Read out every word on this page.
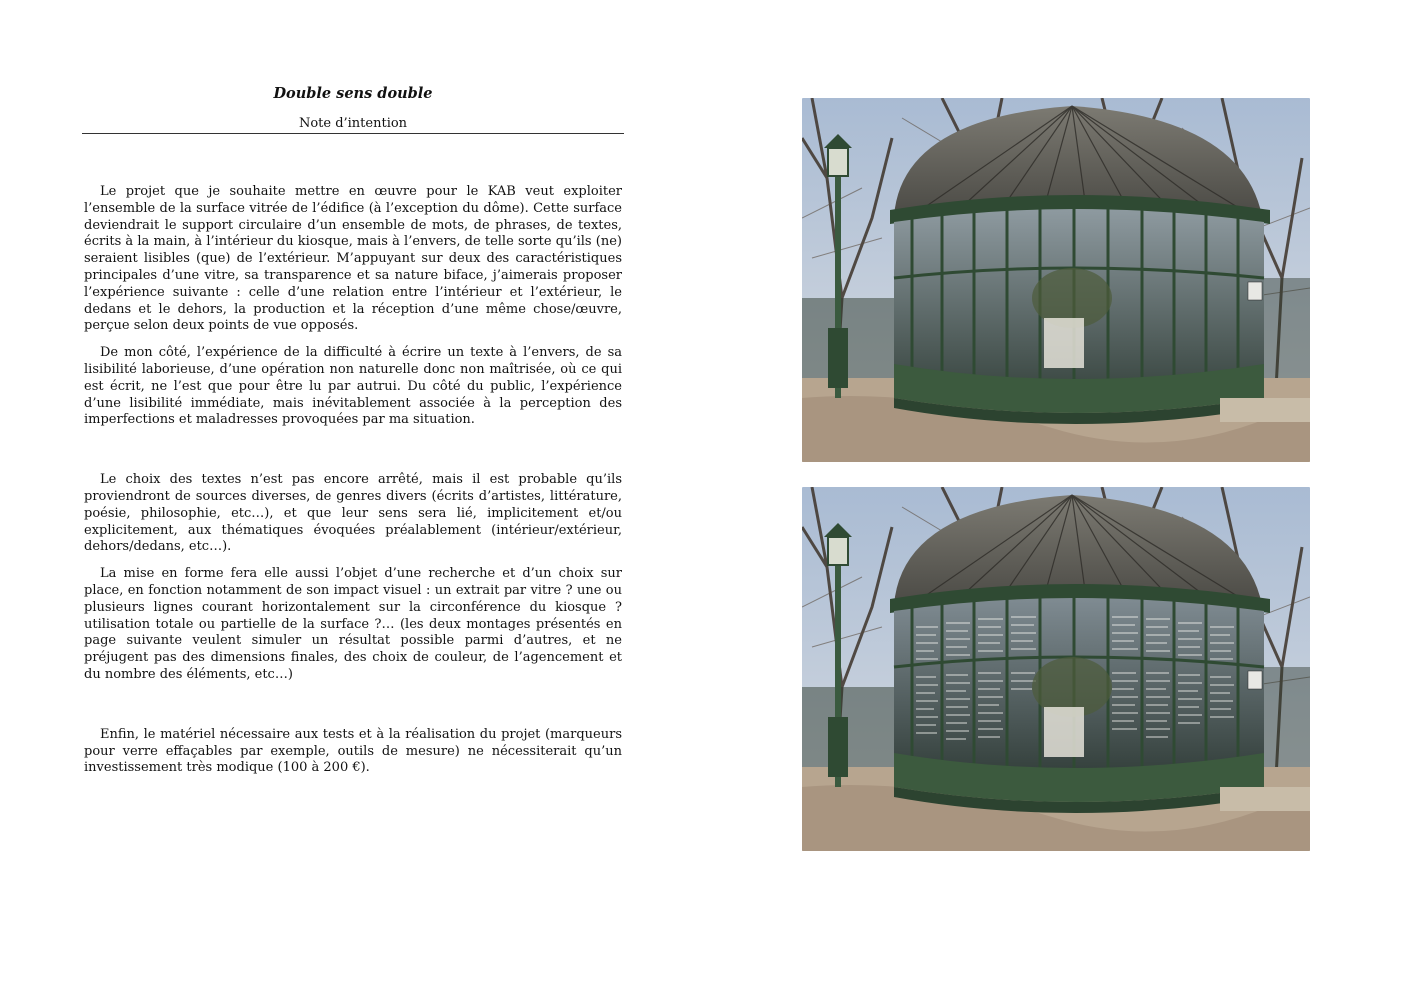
Double sens double
Note d’intention

Le projet que je souhaite mettre en œuvre pour le KAB veut exploiter l’ensemble de la surface vitrée de l’édifice (à l’exception du dôme). Cette surface deviendrait le support circulaire d’un ensemble de mots, de phrases, de textes, écrits à la main, à l’intérieur du kiosque, mais à l’envers, de telle sorte qu’ils (ne) seraient lisibles (que) de l’extérieur. M’appuyant sur deux des caractéristiques principales d’une vitre, sa transparence et sa nature biface, j’aimerais proposer l’expérience suivante : celle d’une relation entre l’intérieur et l’extérieur, le dedans et le dehors, la production et la réception d’une même chose/œuvre, perçue selon deux points de vue opposés.

De mon côté, l’expérience de la difficulté à écrire un texte à l’envers, de sa lisibilité laborieuse, d’une opération non naturelle donc non maîtrisée, où ce qui est écrit, ne l’est que pour être lu par autrui. Du côté du public, l’expérience d’une lisibilité immédiate, mais inévitablement associée à la perception des imperfections et maladresses provoquées par ma situation.

Le choix des textes n’est pas encore arrêté, mais il est probable qu’ils proviendront de sources diverses, de genres divers (écrits d’artistes, littérature, poésie, philosophie, etc…), et que leur sens sera lié, implicitement et/ou explicitement, aux thématiques évoquées préalablement (intérieur/extérieur, dehors/dedans, etc…).

La mise en forme fera elle aussi l’objet d’une recherche et d’un choix sur place, en fonction notamment de son impact visuel : un extrait par vitre ? une ou plusieurs lignes courant horizontalement sur la circonférence du kiosque ? utilisation totale ou partielle de la surface ?… (les deux montages présentés en page suivante veulent simuler un résultat possible parmi d’autres, et ne préjugent pas des dimensions finales, des choix de couleur, de l’agencement et du nombre des éléments, etc…)

Enfin, le matériel nécessaire aux tests et à la réalisation du projet (marqueurs pour verre effaçables par exemple, outils de mesure) ne nécessiterait qu’un investissement très modique (100 à 200 €).
